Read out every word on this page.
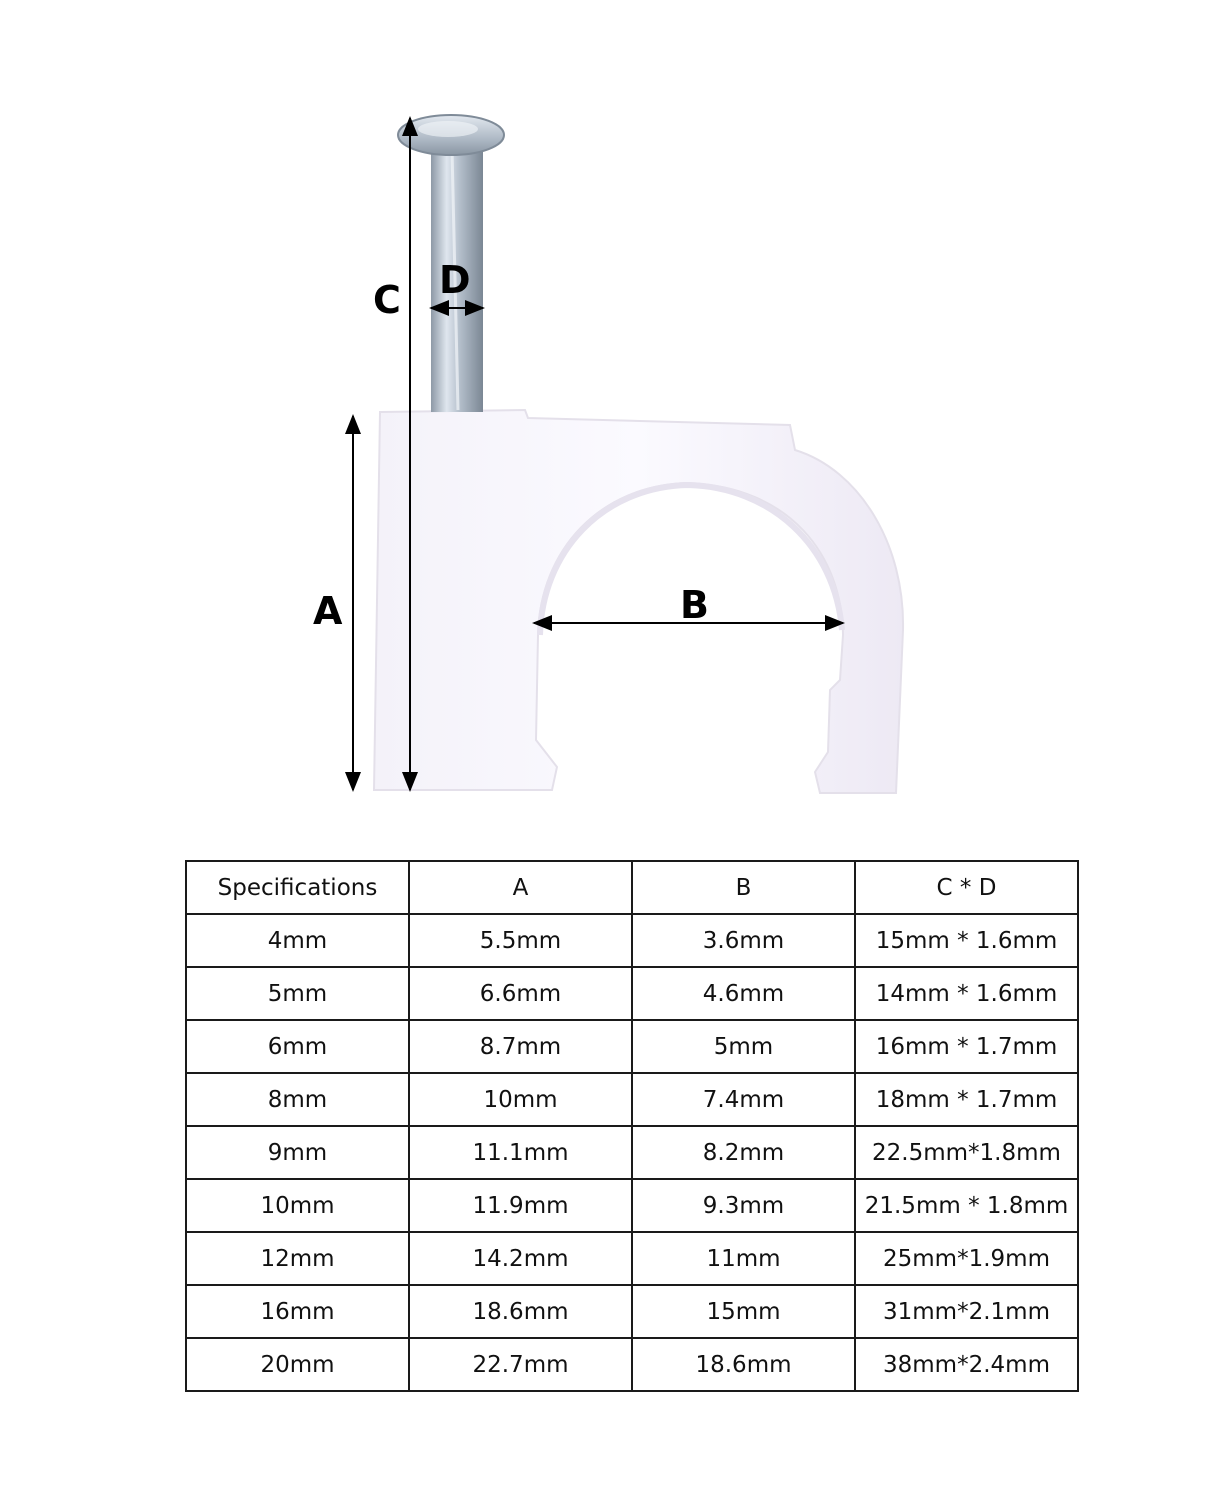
C D
A	B
Specifications	A	B	C * D
4mm	5.5mm	3.6mm	15mm * 1.6mm
5mm	6.6mm	4.6mm	14mm * 1.6mm
6mm	8.7mm	5mm	16mm * 1.7mm
8mm	10mm	7.4mm	18mm * 1.7mm
9mm	11.1mm	8.2mm	22.5mm*1.8mm
10mm	11.9mm	9.3mm	21.5mm * 1.8mm
12mm	14.2mm	11mm	25mm*1.9mm
16mm	18.6mm	15mm	31mm*2.1mm
20mm	22.7mm	18.6mm	38mm*2.4mm
